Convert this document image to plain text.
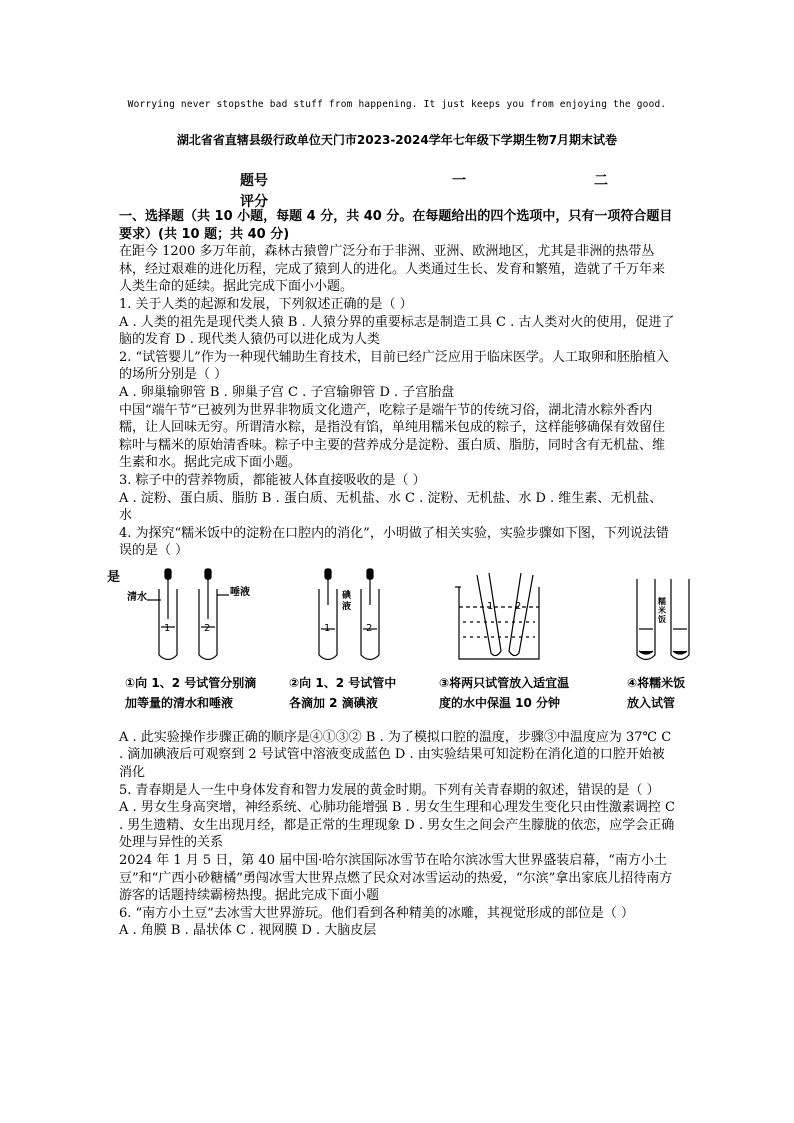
Worrying never stopsthe bad stuff from happening. It just keeps you from enjoying the good.
湖北省省直辖县级行政单位天门市2023-2024学年七年级下学期生物7月期末试卷
题号	一	二
评分

一、选择题（共 10 小题，每题 4 分，共 40 分。在每题给出的四个选项中，只有一项符合题目要求）(共 10 题；共 40 分)

在距今 1200 多万年前，森林古猿曾广泛分布于非洲、亚洲、欧洲地区，尤其是非洲的热带丛林，经过艰难的进化历程，完成了猿到人的进化。人类通过生长、发育和繁殖，造就了千万年来人类生命的延续。据此完成下面小小题。

1. 关于人类的起源和发展，下列叙述正确的是（ ）

A . 人类的祖先是现代类人猿 B . 人猿分界的重要标志是制造工具 C . 古人类对火的使用，促进了脑的发育 D . 现代类人猿仍可以进化成为人类

2. “试管婴儿”作为一种现代辅助生育技术，目前已经广泛应用于临床医学。人工取卵和胚胎植入的场所分别是（ ）

A . 卵巢输卵管 B . 卵巢子宫 C . 子宫输卵管 D . 子宫胎盘

中国“端午节”已被列为世界非物质文化遗产，吃粽子是端午节的传统习俗，湖北清水粽外香内糯，让人回味无穷。所谓清水粽，是指没有馅，单纯用糯米包成的粽子，这样能够确保有效留住粽叶与糯米的原始清香味。粽子中主要的营养成分是淀粉、蛋白质、脂肪，同时含有无机盐、维生素和水。据此完成下面小题。

3. 粽子中的营养物质，都能被人体直接吸收的是（ ）

A . 淀粉、蛋白质、脂肪 B . 蛋白质、无机盐、水 C . 淀粉、无机盐、水 D . 维生素、无机盐、水

4. 为探究“糯米饭中的淀粉在口腔内的消化”，小明做了相关实验，实验步骤如下图，下列说法错误的是（ ）

是
清水	唾液
1	2
①向 1、2 号试管分别滴
加等量的清水和唾液
碘液
1	2
②向 1、2 号试管中
各滴加 2 滴碘液
1 2
③将两只试管放入适宜温
度的水中保温 10 分钟
糯米饭
④将糯米饭
放入试管

A . 此实验操作步骤正确的顺序是④①③② B . 为了模拟口腔的温度，步骤③中温度应为 37℃ C . 滴加碘液后可观察到 2 号试管中溶液变成蓝色 D . 由实验结果可知淀粉在消化道的口腔开始被消化

5. 青春期是人一生中身体发育和智力发展的黄金时期。下列有关青春期的叙述，错误的是（ ）

A . 男女生身高突增，神经系统、心肺功能增强 B . 男女生生理和心理发生变化只由性激素调控 C . 男生遗精、女生出现月经，都是正常的生理现象 D . 男女生之间会产生朦胧的依恋，应学会正确处理与异性的关系

2024 年 1 月 5 日，第 40 届中国·哈尔滨国际冰雪节在哈尔滨冰雪大世界盛装启幕，“南方小土豆”和“广西小砂糖橘”勇闯冰雪大世界点燃了民众对冰雪运动的热爱，“尔滨”拿出家底儿招待南方游客的话题持续霸榜热搜。据此完成下面小题

6. “南方小土豆”去冰雪大世界游玩。他们看到各种精美的冰雕，其视觉形成的部位是（ ）

A . 角膜 B . 晶状体 C . 视网膜 D . 大脑皮层
